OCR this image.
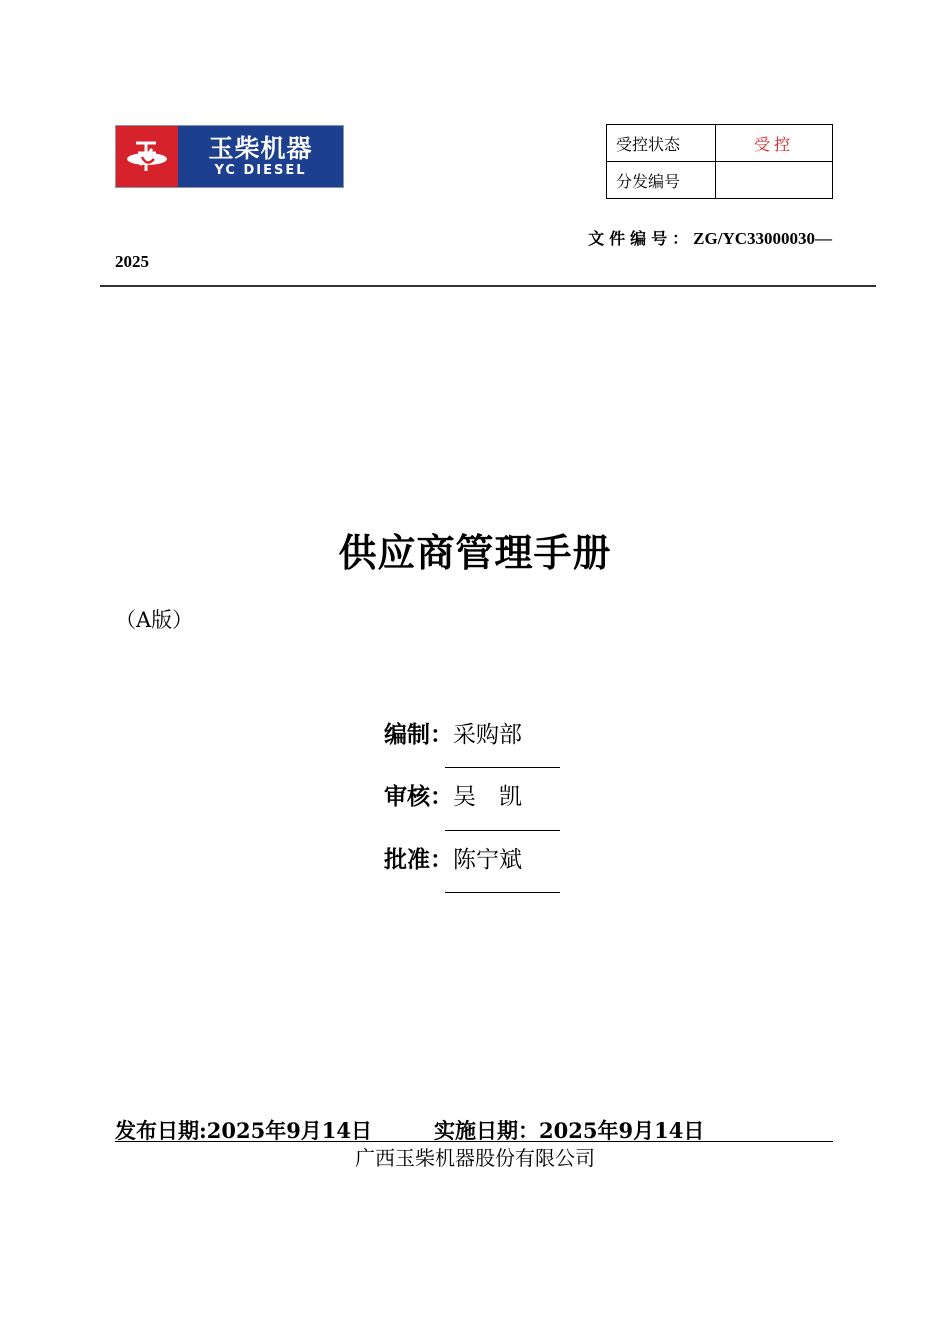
玉柴机器
YC DIESEL
受控状态	受控
分发编号	
文件编号：ZG/YC33000030—
2025
供应商管理手册
（A版）
编制：采购部
审核：吴　凯
批准：陈宁斌
发布日期:2025年9月14日	实施日期：2025年9月14日
广西玉柴机器股份有限公司
